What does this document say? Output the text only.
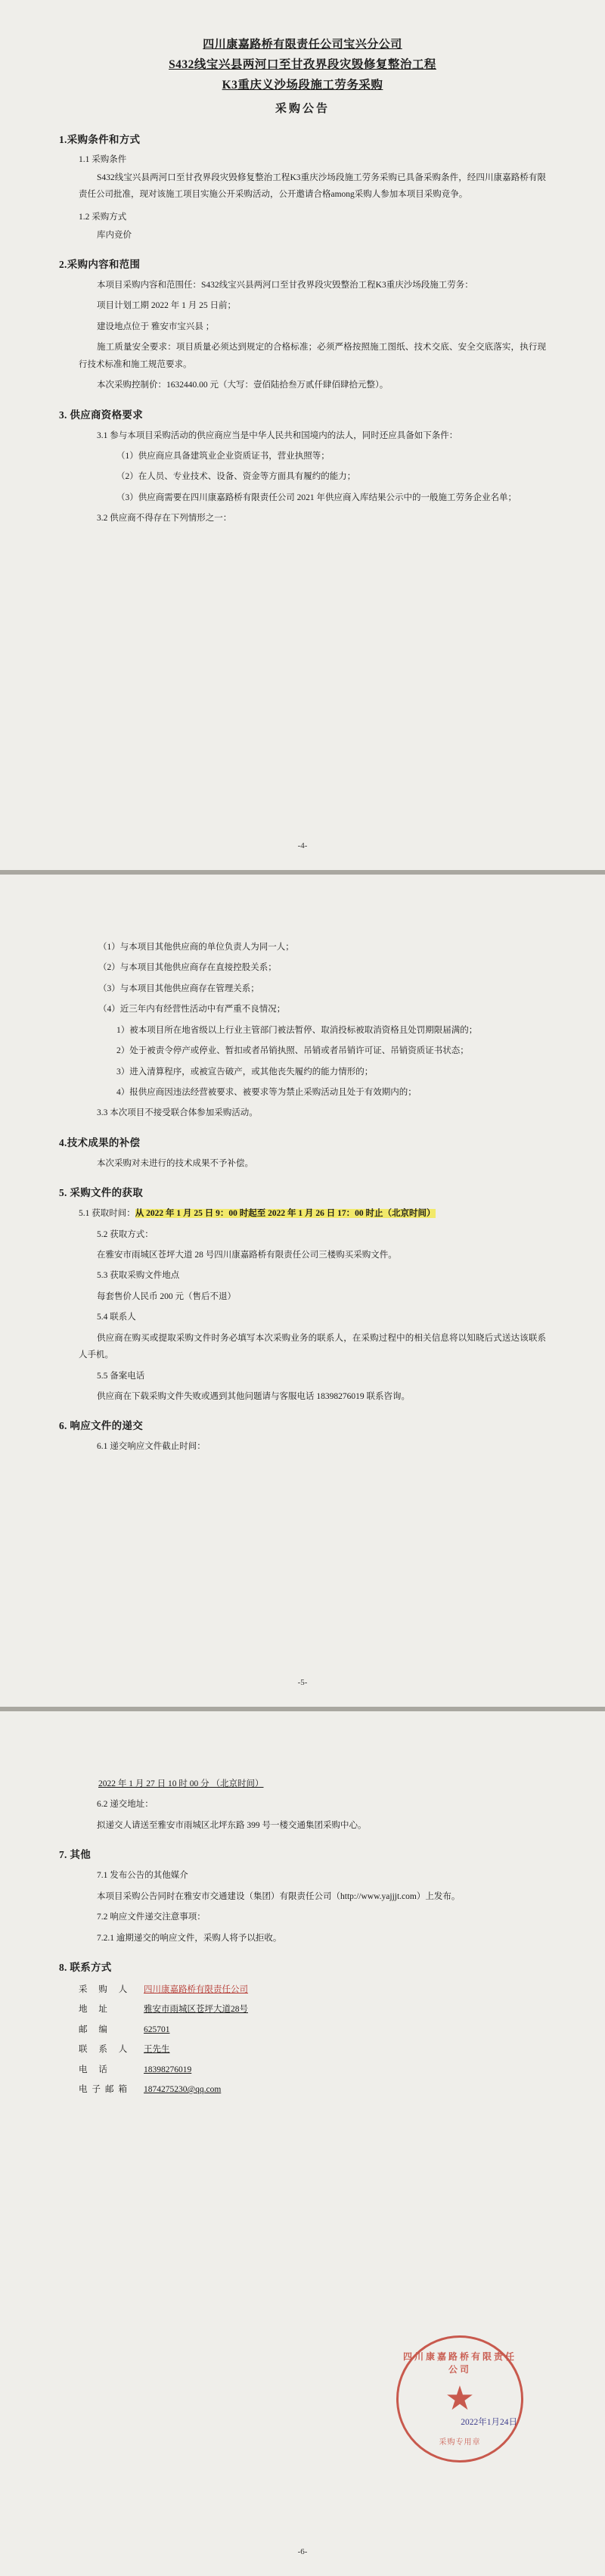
四川康嘉路桥有限责任公司宝兴分公司
S432线宝兴县两河口至甘孜界段灾毁修复整治工程
K3重庆义沙场段施工劳务采购
采购公告
1.采购条件和方式
1.1 采购条件

S432线宝兴县两河口至甘孜界段灾毁修复整治工程K3重庆沙场段施工劳务采购已具备采购条件，经四川康嘉路桥有限责任公司批准，现对该施工项目实施公开采购活动，公开邀请合格among采购人参加本项目采购竞争。

1.2 采购方式

库内竞价

2.采购内容和范围

本项目采购内容和范围任：S432线宝兴县两河口至甘孜界段灾毁整治工程K3重庆沙场段施工劳务：

项目计划工期 2022 年 1 月 25 日前；

建设地点位于 雅安市宝兴县 ；

施工质量安全要求：项目质量必须达到规定的合格标准；必须严格按照施工图纸、技术交底、安全交底落实，执行现行技术标准和施工规范要求。

本次采购控制价：1632440.00 元（大写：壹佰陆拾叁万贰仟肆佰肆拾元整）。

3. 供应商资格要求

3.1 参与本项目采购活动的供应商应当是中华人民共和国境内的法人，同时还应具备如下条件：

（1）供应商应具备建筑业企业资质证书，营业执照等；

（2）在人员、专业技术、设备、资金等方面具有履约的能力；

（3）供应商需要在四川康嘉路桥有限责任公司 2021 年供应商入库结果公示中的一般施工劳务企业名单；

3.2 供应商不得存在下列情形之一：

-4-

（1）与本项目其他供应商的单位负责人为同一人；

（2）与本项目其他供应商存在直接控股关系；

（3）与本项目其他供应商存在管理关系；

（4）近三年内有经营性活动中有严重不良情况；

1）被本项目所在地省级以上行业主管部门被法暂停、取消投标被取消资格且处罚期限届满的；

2）处于被责令停产或停业、暂扣或者吊销执照、吊销或者吊销许可证、吊销资质证书状态；

3）进入清算程序，或被宣告破产，或其他丧失履约的能力情形的；

4）报供应商因违法经营被要求、被要求等为禁止采购活动且处于有效期内的；

3.3 本次项目不接受联合体参加采购活动。

4.技术成果的补偿

本次采购对未进行的技术成果不予补偿。

5. 采购文件的获取

5.1 获取时间：从 2022 年 1 月 25 日 9：00 时起至 2022 年 1 月 26 日 17：00 时止（北京时间）

5.2 获取方式：

在雅安市雨城区苍坪大道 28 号四川康嘉路桥有限责任公司三楼购买采购文件。

5.3 获取采购文件地点

每套售价人民币 200 元（售后不退）

5.4 联系人

供应商在购买或提取采购文件时务必填写本次采购业务的联系人，在采购过程中的相关信息将以知晓后式送达该联系人手机。

5.5 备案电话

供应商在下载采购文件失败或遇到其他问题请与客服电话 18398276019 联系咨询。

6. 响应文件的递交

6.1 递交响应文件截止时间：

-5-

2022 年 1 月 27 日 10 时 00 分 （北京时间）

6.2 递交地址：

拟递交人请送至雅安市雨城区北坪东路 399 号一楼交通集团采购中心。

7. 其他

7.1 发布公告的其他媒介

本项目采购公告同时在雅安市交通建设（集团）有限责任公司（http://www.yajjjt.com）上发布。

7.2 响应文件递交注意事项：

7.2.1 逾期递交的响应文件，采购人将予以拒收。

8. 联系方式
采 购 人	四川康嘉路桥有限责任公司
地 址	雅安市雨城区苍坪大道28号
邮 编	625701
联 系 人	王先生
电 话	18398276019
电子邮箱	1874275230@qq.com
2022年1月24日
四川康嘉路桥有限责任公司
★
采购专用章
-6-
